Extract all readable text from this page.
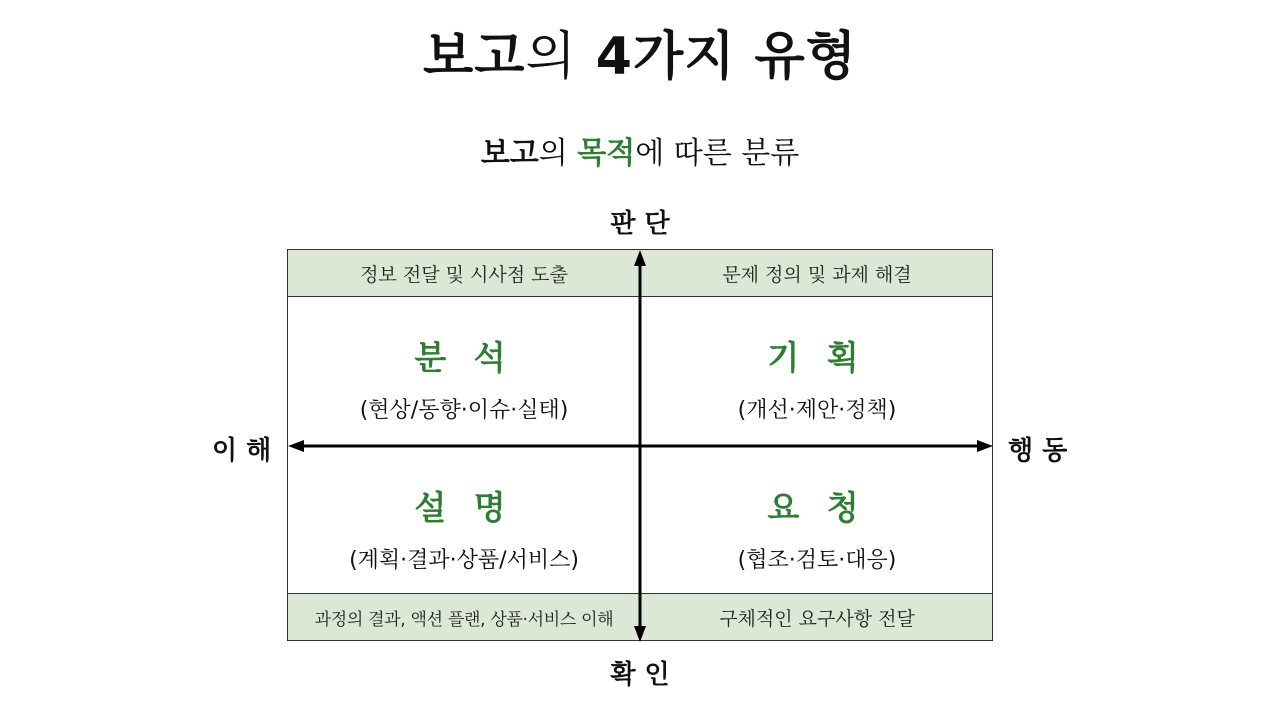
보고의 4가지 유형
보고의 목적에 따른 분류
판 단
확 인
이 해	행 동
정보 전달 및 시사점 도출	문제 정의 및 과제 해결
분 석
(현상/동향·이슈·실태)
기 획
(개선·제안·정책)
설 명
(계획·결과·상품/서비스)
요 청
(협조·검토·대응)
과정의 결과, 액션 플랜, 상품·서비스 이해	구체적인 요구사항 전달
